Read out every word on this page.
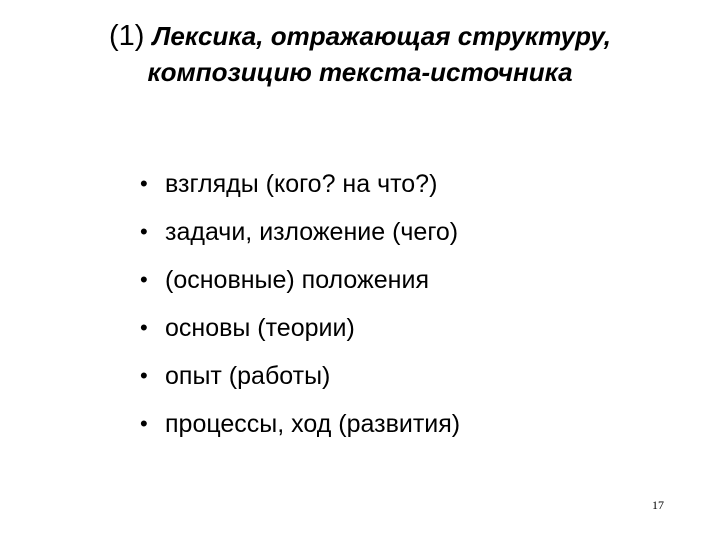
(1) Лексика, отражающая структуру, композицию текста-источника
• взгляды (кого? на что?)
• задачи, изложение (чего)
• (основные) положения
• основы (теории)
• опыт (работы)
• процессы, ход (развития)
17
